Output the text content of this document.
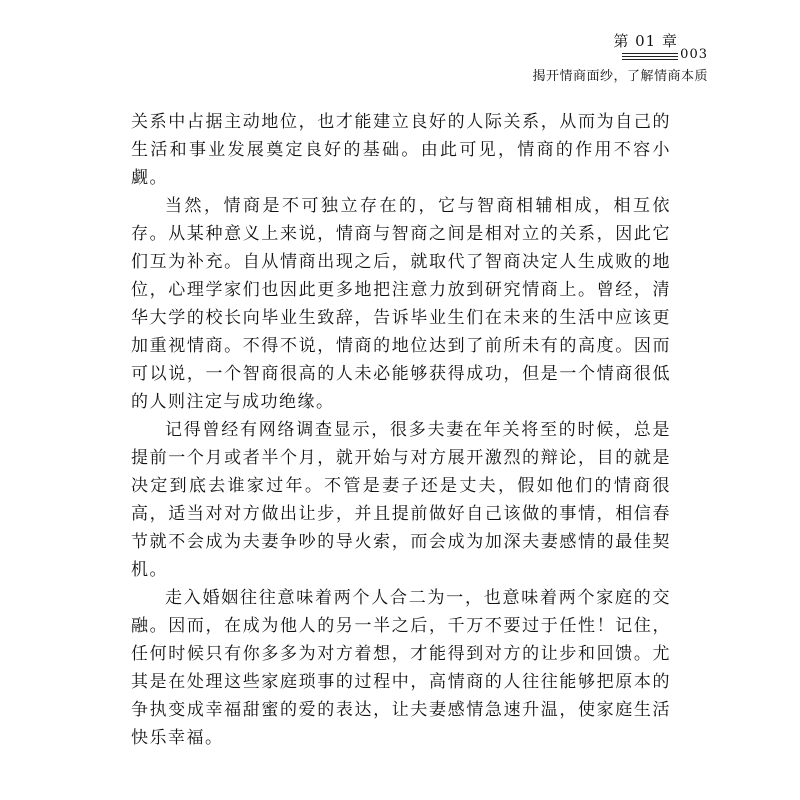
第 01 章
003
揭开情商面纱，了解情商本质

关系中占据主动地位，也才能建立良好的人际关系，从而为自己的生活和事业发展奠定良好的基础。由此可见，情商的作用不容小觑。

当然，情商是不可独立存在的，它与智商相辅相成，相互依存。从某种意义上来说，情商与智商之间是相对立的关系，因此它们互为补充。自从情商出现之后，就取代了智商决定人生成败的地位，心理学家们也因此更多地把注意力放到研究情商上。曾经，清华大学的校长向毕业生致辞，告诉毕业生们在未来的生活中应该更加重视情商。不得不说，情商的地位达到了前所未有的高度。因而可以说，一个智商很高的人未必能够获得成功，但是一个情商很低的人则注定与成功绝缘。

记得曾经有网络调查显示，很多夫妻在年关将至的时候，总是提前一个月或者半个月，就开始与对方展开激烈的辩论，目的就是决定到底去谁家过年。不管是妻子还是丈夫，假如他们的情商很高，适当对对方做出让步，并且提前做好自己该做的事情，相信春节就不会成为夫妻争吵的导火索，而会成为加深夫妻感情的最佳契机。

走入婚姻往往意味着两个人合二为一，也意味着两个家庭的交融。因而，在成为他人的另一半之后，千万不要过于任性！记住，任何时候只有你多多为对方着想，才能得到对方的让步和回馈。尤其是在处理这些家庭琐事的过程中，高情商的人往往能够把原本的争执变成幸福甜蜜的爱的表达，让夫妻感情急速升温，使家庭生活快乐幸福。
